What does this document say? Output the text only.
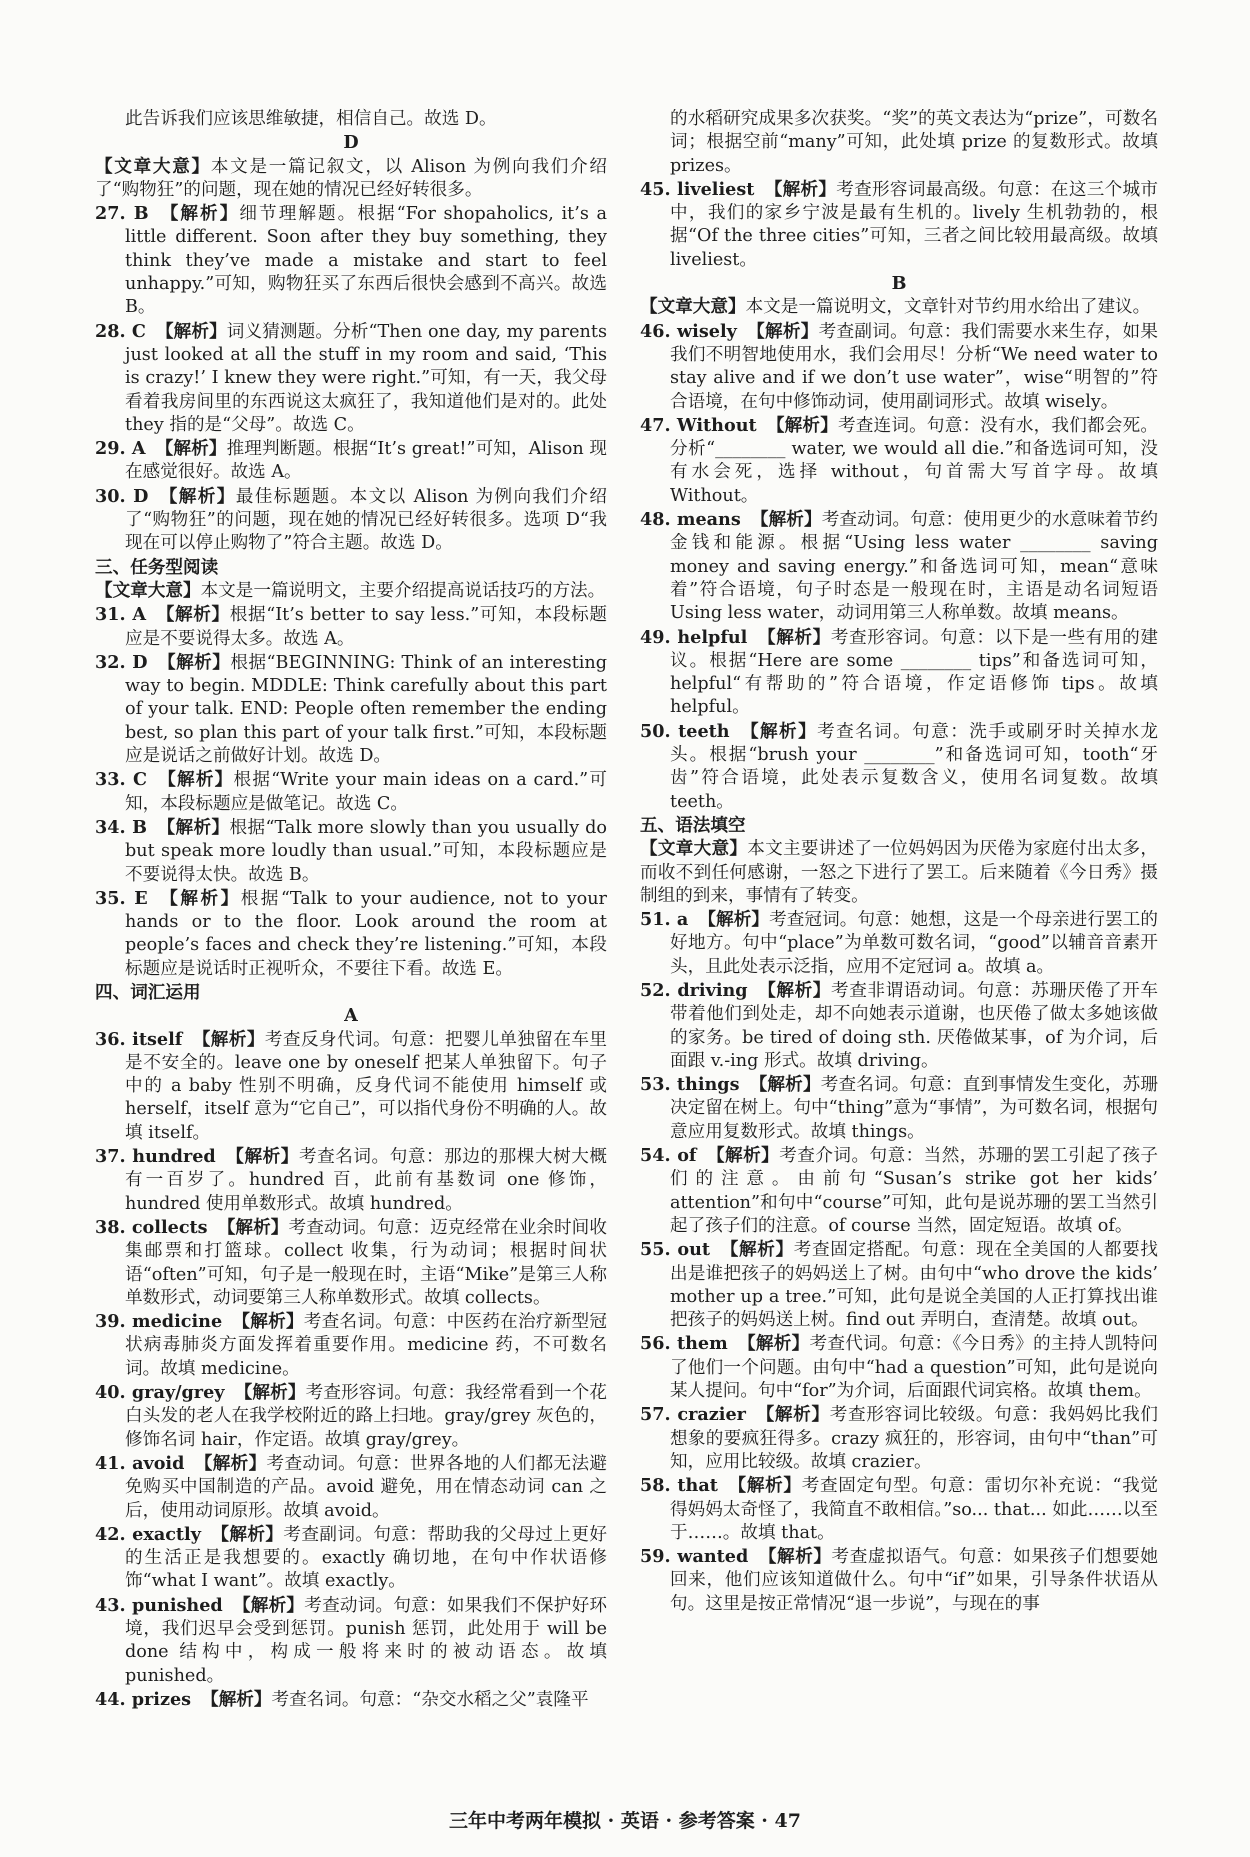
此告诉我们应该思维敏捷，相信自己。故选 D。

D

【文章大意】本文是一篇记叙文，以 Alison 为例向我们介绍了“购物狂”的问题，现在她的情况已经好转很多。

27. B 【解析】细节理解题。根据“For shopaholics, it’s a little different. Soon after they buy something, they think they’ve made a mistake and start to feel unhappy.”可知，购物狂买了东西后很快会感到不高兴。故选 B。

28. C 【解析】词义猜测题。分析“Then one day, my parents just looked at all the stuff in my room and said, ‘This is crazy!’ I knew they were right.”可知，有一天，我父母看着我房间里的东西说这太疯狂了，我知道他们是对的。此处 they 指的是“父母”。故选 C。

29. A 【解析】推理判断题。根据“It’s great!”可知，Alison 现在感觉很好。故选 A。

30. D 【解析】最佳标题题。本文以 Alison 为例向我们介绍了“购物狂”的问题，现在她的情况已经好转很多。选项 D“我现在可以停止购物了”符合主题。故选 D。

三、任务型阅读

【文章大意】本文是一篇说明文，主要介绍提高说话技巧的方法。

31. A 【解析】根据“It’s better to say less.”可知，本段标题应是不要说得太多。故选 A。

32. D 【解析】根据“BEGINNING: Think of an interesting way to begin. MDDLE: Think carefully about this part of your talk. END: People often remember the ending best, so plan this part of your talk first.”可知，本段标题应是说话之前做好计划。故选 D。

33. C 【解析】根据“Write your main ideas on a card.”可知，本段标题应是做笔记。故选 C。

34. B 【解析】根据“Talk more slowly than you usually do but speak more loudly than usual.”可知，本段标题应是不要说得太快。故选 B。

35. E 【解析】根据“Talk to your audience, not to your hands or to the floor. Look around the room at people’s faces and check they’re listening.”可知，本段标题应是说话时正视听众，不要往下看。故选 E。

四、词汇运用

A

36. itself 【解析】考查反身代词。句意：把婴儿单独留在车里是不安全的。leave one by oneself 把某人单独留下。句子中的 a baby 性别不明确，反身代词不能使用 himself 或 herself，itself 意为“它自己”，可以指代身份不明确的人。故填 itself。

37. hundred 【解析】考查名词。句意：那边的那棵大树大概有一百岁了。hundred 百，此前有基数词 one 修饰，hundred 使用单数形式。故填 hundred。

38. collects 【解析】考查动词。句意：迈克经常在业余时间收集邮票和打篮球。collect 收集，行为动词；根据时间状语“often”可知，句子是一般现在时，主语“Mike”是第三人称单数形式，动词要第三人称单数形式。故填 collects。

39. medicine 【解析】考查名词。句意：中医药在治疗新型冠状病毒肺炎方面发挥着重要作用。medicine 药，不可数名词。故填 medicine。

40. gray/grey 【解析】考查形容词。句意：我经常看到一个花白头发的老人在我学校附近的路上扫地。gray/grey 灰色的，修饰名词 hair，作定语。故填 gray/grey。

41. avoid 【解析】考查动词。句意：世界各地的人们都无法避免购买中国制造的产品。avoid 避免，用在情态动词 can 之后，使用动词原形。故填 avoid。

42. exactly 【解析】考查副词。句意：帮助我的父母过上更好的生活正是我想要的。exactly 确切地，在句中作状语修饰“what I want”。故填 exactly。

43. punished 【解析】考查动词。句意：如果我们不保护好环境，我们迟早会受到惩罚。punish 惩罚，此处用于 will be done 结构中，构成一般将来时的被动语态。故填 punished。

44. prizes 【解析】考查名词。句意：“杂交水稻之父”袁隆平

的水稻研究成果多次获奖。“奖”的英文表达为“prize”，可数名词；根据空前“many”可知，此处填 prize 的复数形式。故填 prizes。

45. liveliest 【解析】考查形容词最高级。句意：在这三个城市中，我们的家乡宁波是最有生机的。lively 生机勃勃的，根据“Of the three cities”可知，三者之间比较用最高级。故填 liveliest。

B

【文章大意】本文是一篇说明文，文章针对节约用水给出了建议。

46. wisely 【解析】考查副词。句意：我们需要水来生存，如果我们不明智地使用水，我们会用尽！分析“We need water to stay alive and if we don’t use water”，wise“明智的”符合语境，在句中修饰动词，使用副词形式。故填 wisely。

47. Without 【解析】考查连词。句意：没有水，我们都会死。分析“________ water, we would all die.”和备选词可知，没有水会死，选择 without，句首需大写首字母。故填 Without。

48. means 【解析】考查动词。句意：使用更少的水意味着节约金钱和能源。根据“Using less water ________ saving money and saving energy.”和备选词可知，mean“意味着”符合语境，句子时态是一般现在时，主语是动名词短语 Using less water，动词用第三人称单数。故填 means。

49. helpful 【解析】考查形容词。句意：以下是一些有用的建议。根据“Here are some ________ tips”和备选词可知，helpful“有帮助的”符合语境，作定语修饰 tips。故填 helpful。

50. teeth 【解析】考查名词。句意：洗手或刷牙时关掉水龙头。根据“brush your ________”和备选词可知，tooth“牙齿”符合语境，此处表示复数含义，使用名词复数。故填 teeth。

五、语法填空

【文章大意】本文主要讲述了一位妈妈因为厌倦为家庭付出太多，而收不到任何感谢，一怒之下进行了罢工。后来随着《今日秀》摄制组的到来，事情有了转变。

51. a 【解析】考查冠词。句意：她想，这是一个母亲进行罢工的好地方。句中“place”为单数可数名词，“good”以辅音音素开头，且此处表示泛指，应用不定冠词 a。故填 a。

52. driving 【解析】考查非谓语动词。句意：苏珊厌倦了开车带着他们到处走，却不向她表示道谢，也厌倦了做太多她该做的家务。be tired of doing sth. 厌倦做某事，of 为介词，后面跟 v.-ing 形式。故填 driving。

53. things 【解析】考查名词。句意：直到事情发生变化，苏珊决定留在树上。句中“thing”意为“事情”，为可数名词，根据句意应用复数形式。故填 things。

54. of 【解析】考查介词。句意：当然，苏珊的罢工引起了孩子们的注意。由前句“Susan’s strike got her kids’ attention”和句中“course”可知，此句是说苏珊的罢工当然引起了孩子们的注意。of course 当然，固定短语。故填 of。

55. out 【解析】考查固定搭配。句意：现在全美国的人都要找出是谁把孩子的妈妈送上了树。由句中“who drove the kids’ mother up a tree.”可知，此句是说全美国的人正打算找出谁把孩子的妈妈送上树。find out 弄明白，查清楚。故填 out。

56. them 【解析】考查代词。句意：《今日秀》的主持人凯特问了他们一个问题。由句中“had a question”可知，此句是说向某人提问。句中“for”为介词，后面跟代词宾格。故填 them。

57. crazier 【解析】考查形容词比较级。句意：我妈妈比我们想象的要疯狂得多。crazy 疯狂的，形容词，由句中“than”可知，应用比较级。故填 crazier。

58. that 【解析】考查固定句型。句意：雷切尔补充说：“我觉得妈妈太奇怪了，我简直不敢相信。”so... that... 如此……以至于……。故填 that。

59. wanted 【解析】考查虚拟语气。句意：如果孩子们想要她回来，他们应该知道做什么。句中“if”如果，引导条件状语从句。这里是按正常情况“退一步说”，与现在的事

三年中考两年模拟 · 英语 · 参考答案 · 47
